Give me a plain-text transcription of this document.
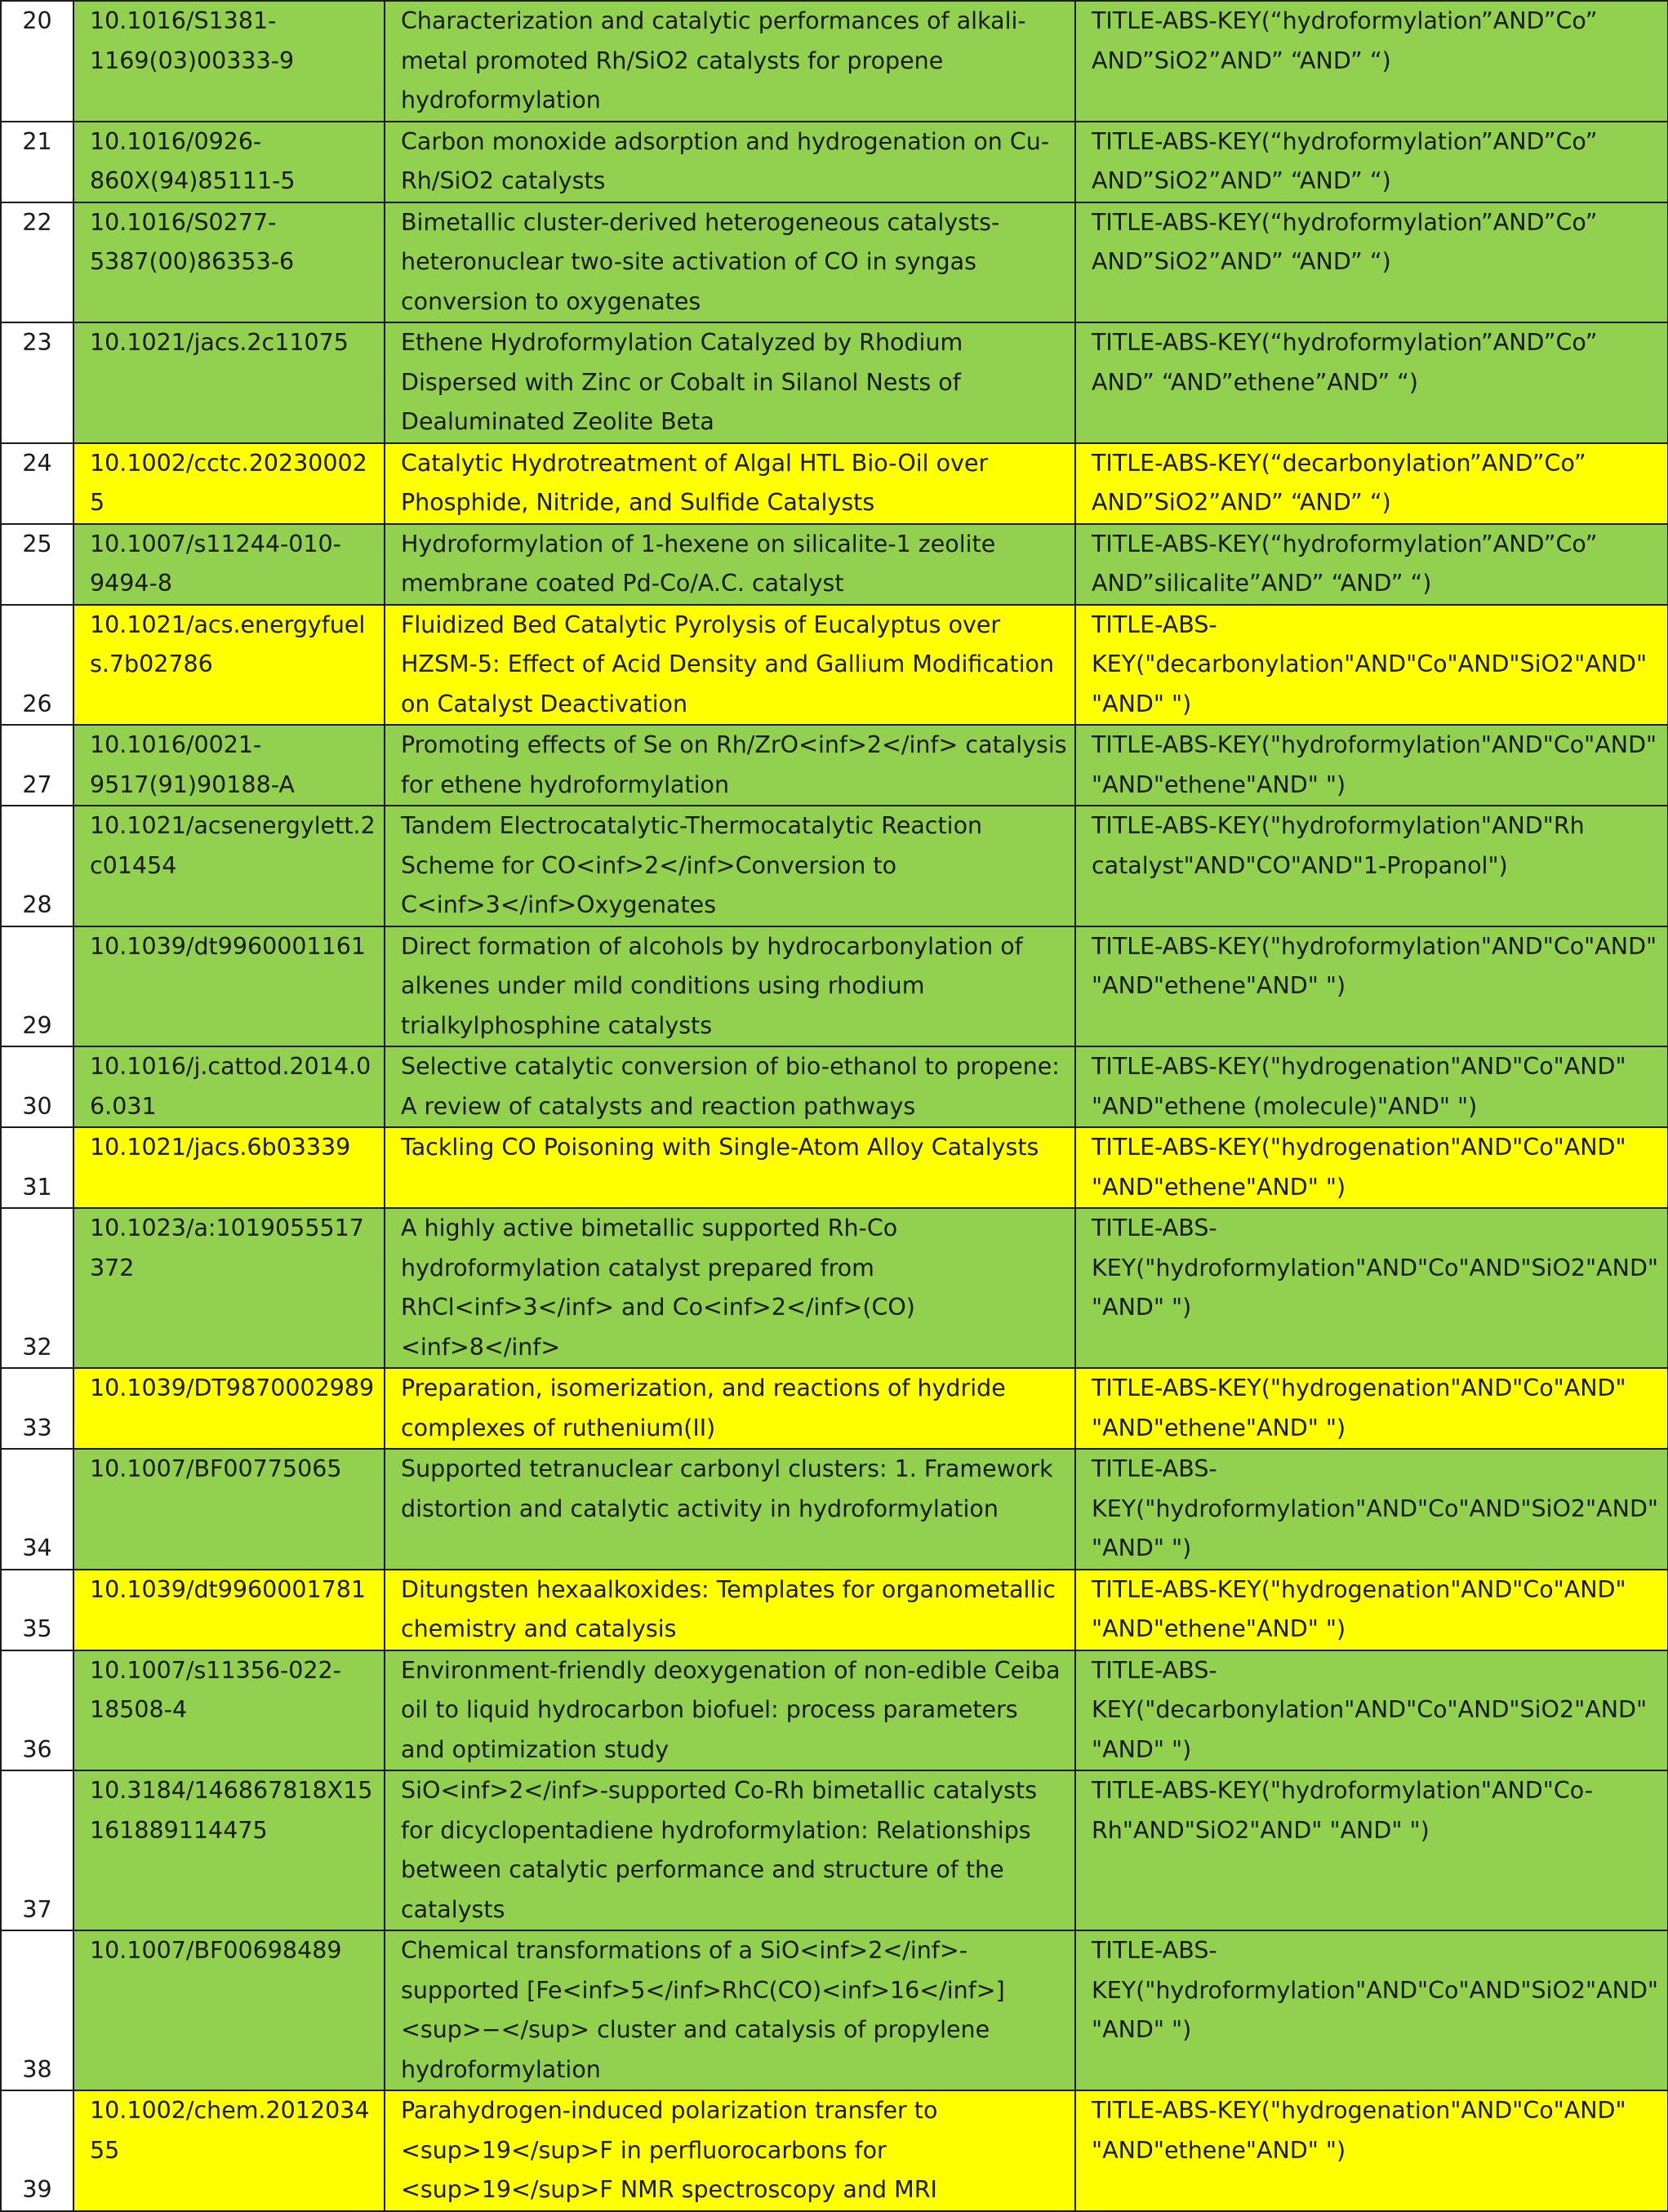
20	10.1016/S1381-1169(03)00333-9	Characterization and catalytic performances of alkali-metal promoted Rh/SiO2 catalysts for propene hydroformylation	TITLE-ABS-KEY(“hydroformylation”AND”Co” AND”SiO2”AND” “AND” “)
21	10.1016/0926-860X(94)85111-5	Carbon monoxide adsorption and hydrogenation on Cu-Rh/SiO2 catalysts	TITLE-ABS-KEY(“hydroformylation”AND”Co” AND”SiO2”AND” “AND” “)
22	10.1016/S0277-5387(00)86353-6	Bimetallic cluster-derived heterogeneous catalysts-heteronuclear two-site activation of CO in syngas conversion to oxygenates	TITLE-ABS-KEY(“hydroformylation”AND”Co” AND”SiO2”AND” “AND” “)
23	10.1021/jacs.2c11075	Ethene Hydroformylation Catalyzed by Rhodium Dispersed with Zinc or Cobalt in Silanol Nests of Dealuminated Zeolite Beta	TITLE-ABS-KEY(“hydroformylation”AND”Co” AND” “AND”ethene”AND” “)
24	10.1002/cctc.202300025	Catalytic Hydrotreatment of Algal HTL Bio-Oil over Phosphide, Nitride, and Sulfide Catalysts	TITLE-ABS-KEY(“decarbonylation”AND”Co” AND”SiO2”AND” “AND” “)
25	10.1007/s11244-010-9494-8	Hydroformylation of 1-hexene on silicalite-1 zeolite membrane coated Pd-Co/A.C. catalyst	TITLE-ABS-KEY(“hydroformylation”AND”Co” AND”silicalite”AND” “AND” “)
26	10.1021/acs.energyfuels.7b02786	Fluidized Bed Catalytic Pyrolysis of Eucalyptus over HZSM-5: Effect of Acid Density and Gallium Modification on Catalyst Deactivation	TITLE-ABS-KEY("decarbonylation"AND"Co"AND"SiO2"AND" "AND" ")
27	10.1016/0021-9517(91)90188-A	Promoting effects of Se on Rh/ZrO<inf>2</inf> catalysis for ethene hydroformylation	TITLE-ABS-KEY("hydroformylation"AND"Co"AND" "AND"ethene"AND" ")
28	10.1021/acsenergylett.2c01454	Tandem Electrocatalytic-Thermocatalytic Reaction Scheme for CO<inf>2</inf>Conversion to C<inf>3</inf>Oxygenates	TITLE-ABS-KEY("hydroformylation"AND"Rh catalyst"AND"CO"AND"1-Propanol")
29	10.1039/dt9960001161	Direct formation of alcohols by hydrocarbonylation of alkenes under mild conditions using rhodium trialkylphosphine catalysts	TITLE-ABS-KEY("hydroformylation"AND"Co"AND" "AND"ethene"AND" ")
30	10.1016/j.cattod.2014.06.031	Selective catalytic conversion of bio-ethanol to propene: A review of catalysts and reaction pathways	TITLE-ABS-KEY("hydrogenation"AND"Co"AND" "AND"ethene (molecule)"AND" ")
31	10.1021/jacs.6b03339	Tackling CO Poisoning with Single-Atom Alloy Catalysts	TITLE-ABS-KEY("hydrogenation"AND"Co"AND" "AND"ethene"AND" ")
32	10.1023/a:1019055517372	A highly active bimetallic supported Rh-Co hydroformylation catalyst prepared from RhCl<inf>3</inf> and Co<inf>2</inf>(CO)<inf>8</inf>	TITLE-ABS-KEY("hydroformylation"AND"Co"AND"SiO2"AND" "AND" ")
33	10.1039/DT9870002989	Preparation, isomerization, and reactions of hydride complexes of ruthenium(II)	TITLE-ABS-KEY("hydrogenation"AND"Co"AND" "AND"ethene"AND" ")
34	10.1007/BF00775065	Supported tetranuclear carbonyl clusters: 1. Framework distortion and catalytic activity in hydroformylation	TITLE-ABS-KEY("hydroformylation"AND"Co"AND"SiO2"AND" "AND" ")
35	10.1039/dt9960001781	Ditungsten hexaalkoxides: Templates for organometallic chemistry and catalysis	TITLE-ABS-KEY("hydrogenation"AND"Co"AND" "AND"ethene"AND" ")
36	10.1007/s11356-022-18508-4	Environment-friendly deoxygenation of non-edible Ceiba oil to liquid hydrocarbon biofuel: process parameters and optimization study	TITLE-ABS-KEY("decarbonylation"AND"Co"AND"SiO2"AND" "AND" ")
37	10.3184/146867818X15161889114475	SiO<inf>2</inf>-supported Co-Rh bimetallic catalysts for dicyclopentadiene hydroformylation: Relationships between catalytic performance and structure of the catalysts	TITLE-ABS-KEY("hydroformylation"AND"Co-Rh"AND"SiO2"AND" "AND" ")
38	10.1007/BF00698489	Chemical transformations of a SiO<inf>2</inf>-supported [Fe<inf>5</inf>RhC(CO)<inf>16</inf>]<sup>−</sup> cluster and catalysis of propylene hydroformylation	TITLE-ABS-KEY("hydroformylation"AND"Co"AND"SiO2"AND" "AND" ")
39	10.1002/chem.201203455	Parahydrogen-induced polarization transfer to <sup>19</sup>F in perfluorocarbons for <sup>19</sup>F NMR spectroscopy and MRI	TITLE-ABS-KEY("hydrogenation"AND"Co"AND" "AND"ethene"AND" ")
